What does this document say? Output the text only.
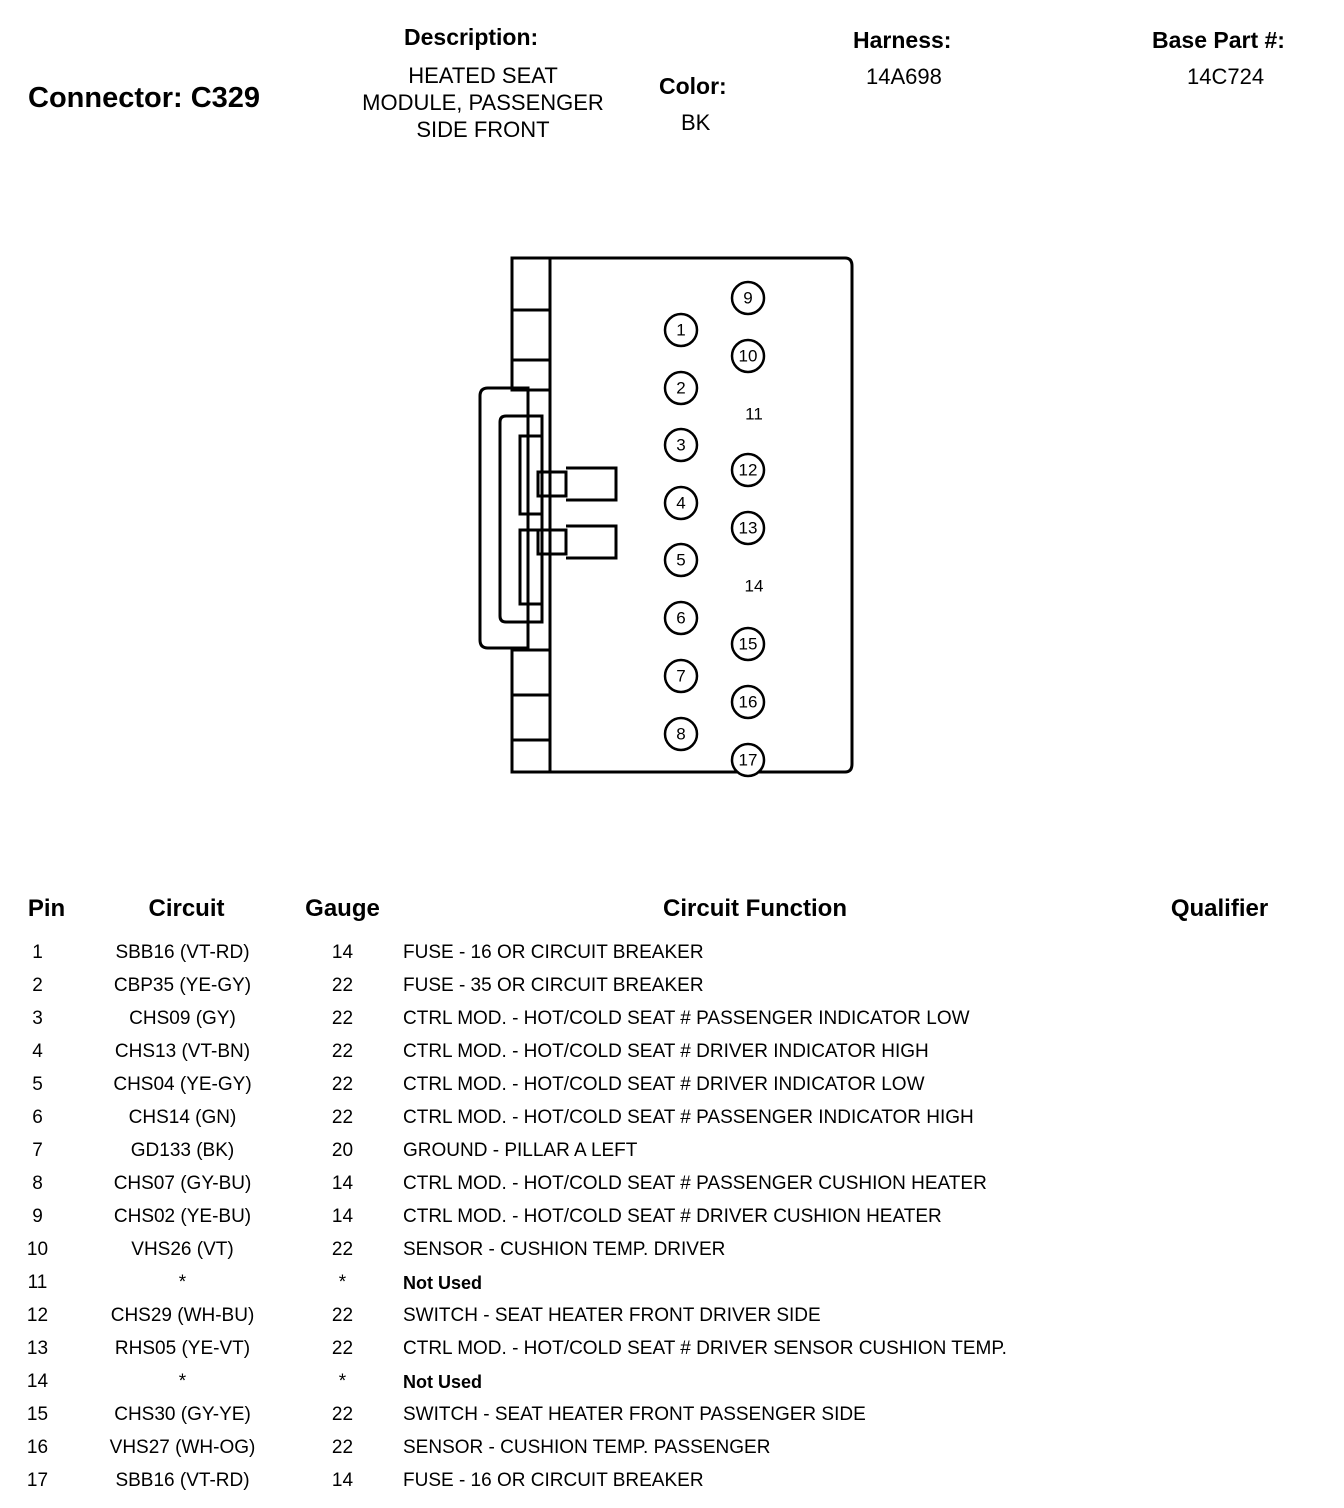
Connector: C329
Description:
HEATED SEAT MODULE, PASSENGER SIDE FRONT
Color:
BK
Harness:
14A698
Base Part #:
14C724
1
2
3
4
5
6
7
8
9
10
11
12
13
14
15
16
17
Pin	Circuit	Gauge	Circuit Function	Qualifier
1	SBB16 (VT-RD)	14	FUSE - 16 OR CIRCUIT BREAKER	
2	CBP35 (YE-GY)	22	FUSE - 35 OR CIRCUIT BREAKER	
3	CHS09 (GY)	22	CTRL MOD. - HOT/COLD SEAT # PASSENGER INDICATOR LOW	
4	CHS13 (VT-BN)	22	CTRL MOD. - HOT/COLD SEAT # DRIVER INDICATOR HIGH	
5	CHS04 (YE-GY)	22	CTRL MOD. - HOT/COLD SEAT # DRIVER INDICATOR LOW	
6	CHS14 (GN)	22	CTRL MOD. - HOT/COLD SEAT # PASSENGER INDICATOR HIGH	
7	GD133 (BK)	20	GROUND - PILLAR A LEFT	
8	CHS07 (GY-BU)	14	CTRL MOD. - HOT/COLD SEAT # PASSENGER CUSHION HEATER	
9	CHS02 (YE-BU)	14	CTRL MOD. - HOT/COLD SEAT # DRIVER CUSHION HEATER	
10	VHS26 (VT)	22	SENSOR - CUSHION TEMP. DRIVER	
11	*	*	Not Used	
12	CHS29 (WH-BU)	22	SWITCH - SEAT HEATER FRONT DRIVER SIDE	
13	RHS05 (YE-VT)	22	CTRL MOD. - HOT/COLD SEAT # DRIVER SENSOR CUSHION TEMP.	
14	*	*	Not Used	
15	CHS30 (GY-YE)	22	SWITCH - SEAT HEATER FRONT PASSENGER SIDE	
16	VHS27 (WH-OG)	22	SENSOR - CUSHION TEMP. PASSENGER	
17	SBB16 (VT-RD)	14	FUSE - 16 OR CIRCUIT BREAKER	
